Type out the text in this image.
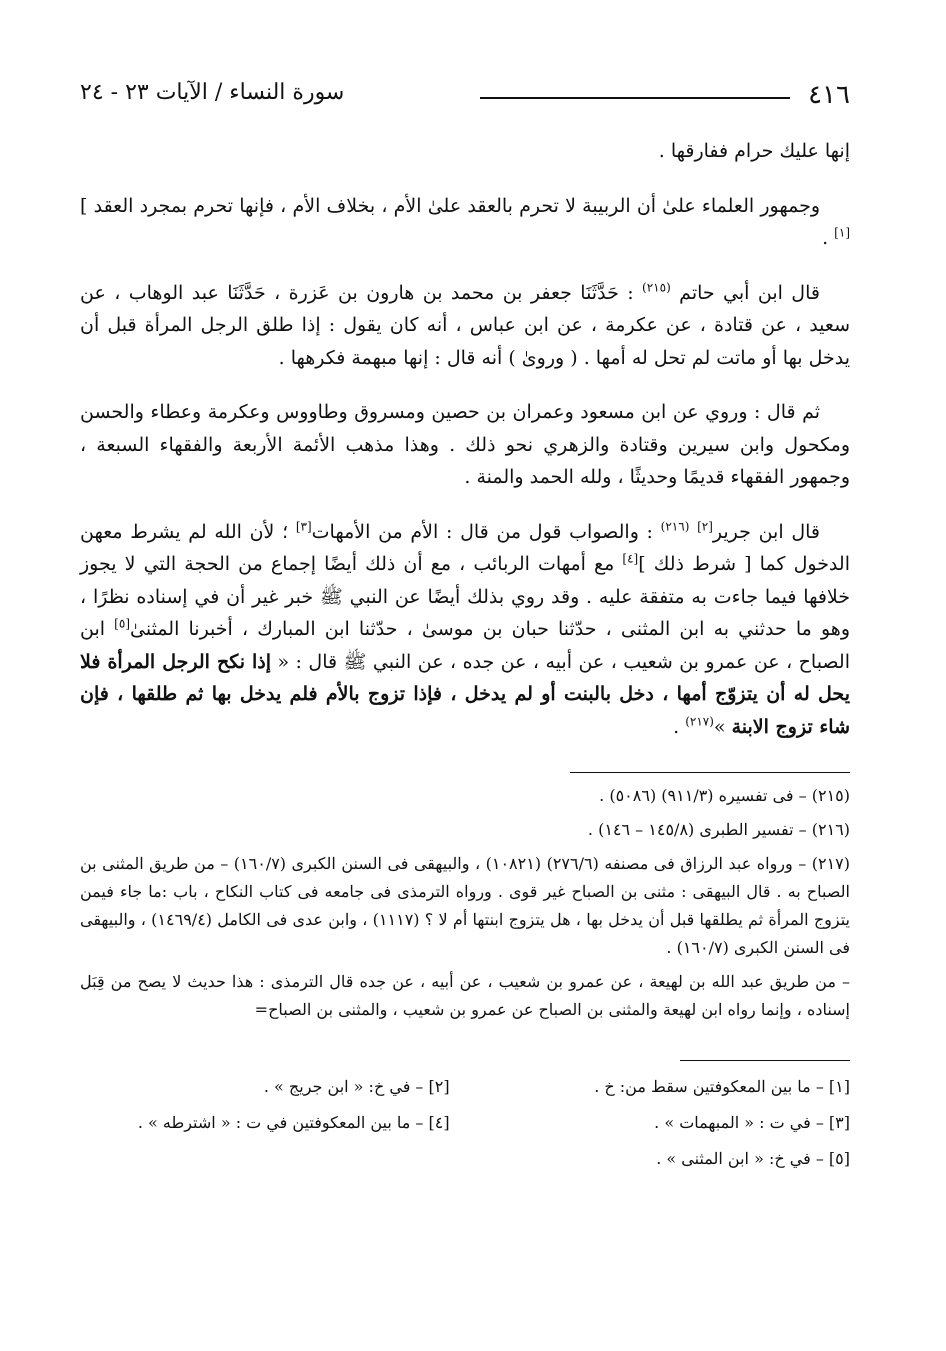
٤١٦
سورة النساء / الآيات ٢٣ - ٢٤

إنها عليك حرام ففارقها .

وجمهور العلماء علىٰ أن الربيبة لا تحرم بالعقد علىٰ الأم ، بخلاف الأم ، فإنها تحرم بمجرد العقد ][١] .

قال ابن أبي حاتم $^{(٢١٥)}$ : حَدَّثَنَا جعفر بن محمد بن هارون بن عَزرة ، حَدَّثَنَا عبد الوهاب ، عن سعيد ، عن قتادة ، عن عكرمة ، عن ابن عباس ، أنه كان يقول : إذا طلق الرجل المرأة قبل أن يدخل بها أو ماتت لم تحل له أمها . ( وروىٰ ) أنه قال : إنها مبهمة فكرهها .

ثم قال : وروي عن ابن مسعود وعمران بن حصين ومسروق وطاووس وعكرمة وعطاء والحسن ومكحول وابن سيرين وقتادة والزهري نحو ذلك . وهذا مذهب الأئمة الأربعة والفقهاء السبعة ، وجمهور الفقهاء قديمًا وحديثًا ، ولله الحمد والمنة .

قال ابن جرير[٢] $^{(٢١٦)}$ : والصواب قول من قال : الأم من الأمهات[٣] ؛ لأن الله لم يشرط معهن الدخول كما [ شرط ذلك ][٤] مع أمهات الربائب ، مع أن ذلك أيضًا إجماع من الحجة التي لا يجوز خلافها فيما جاءت به متفقة عليه . وقد روي بذلك أيضًا عن النبي ﷺ خبر غير أن في إسناده نظرًا ، وهو ما حدثني به ابن المثنى ، حدّثنا حبان بن موسىٰ ، حدّثنا ابن المبارك ، أخبرنا المثنىٰ[٥] ابن الصباح ، عن عمرو بن شعيب ، عن أبيه ، عن جده ، عن النبي ﷺ قال : « إذا نكح الرجل المرأة فلا يحل له أن يتزوّج أمها ، دخل بالبنت أو لم يدخل ، فإذا تزوج بالأم فلم يدخل بها ثم طلقها ، فإن شاء تزوج الابنة »$^{(٢١٧)}$ .

(٢١٥) – فى تفسيره (٩١١/٣) (٥٠٨٦) .

(٢١٦) – تفسير الطبرى (١٤٥/٨ – ١٤٦) .

(٢١٧) – ورواه عبد الرزاق فى مصنفه (٢٧٦/٦) (١٠٨٢١) ، والبيهقى فى السنن الكبرى (١٦٠/٧) – من طريق المثنى بن الصباح به . قال البيهقى : مثنى بن الصباح غير قوى . ورواه الترمذى فى جامعه فى كتاب النكاح ، باب :ما جاء فيمن يتزوج المرأة ثم يطلقها قبل أن يدخل بها ، هل يتزوج ابنتها أم لا ؟ (١١١٧) ، وابن عدى فى الكامل (١٤٦٩/٤) ، والبيهقى فى السنن الكبرى (١٦٠/٧) .

– من طريق عبد الله بن لهيعة ، عن عمرو بن شعيب ، عن أبيه ، عن جده قال الترمذى : هذا حديث لا يصح من قِبَل إسناده ، وإنما رواه ابن لهيعة والمثنى بن الصباح عن عمرو بن شعيب ، والمثنى بن الصباح=

[١] – ما بين المعكوفتين سقط من: خ .
[٢] – في خ: « ابن جريج » .
[٣] – في ت : « المبهمات » .
[٤] – ما بين المعكوفتين في ت : « اشترطه » .
[٥] – في خ: « ابن المثنى » .
